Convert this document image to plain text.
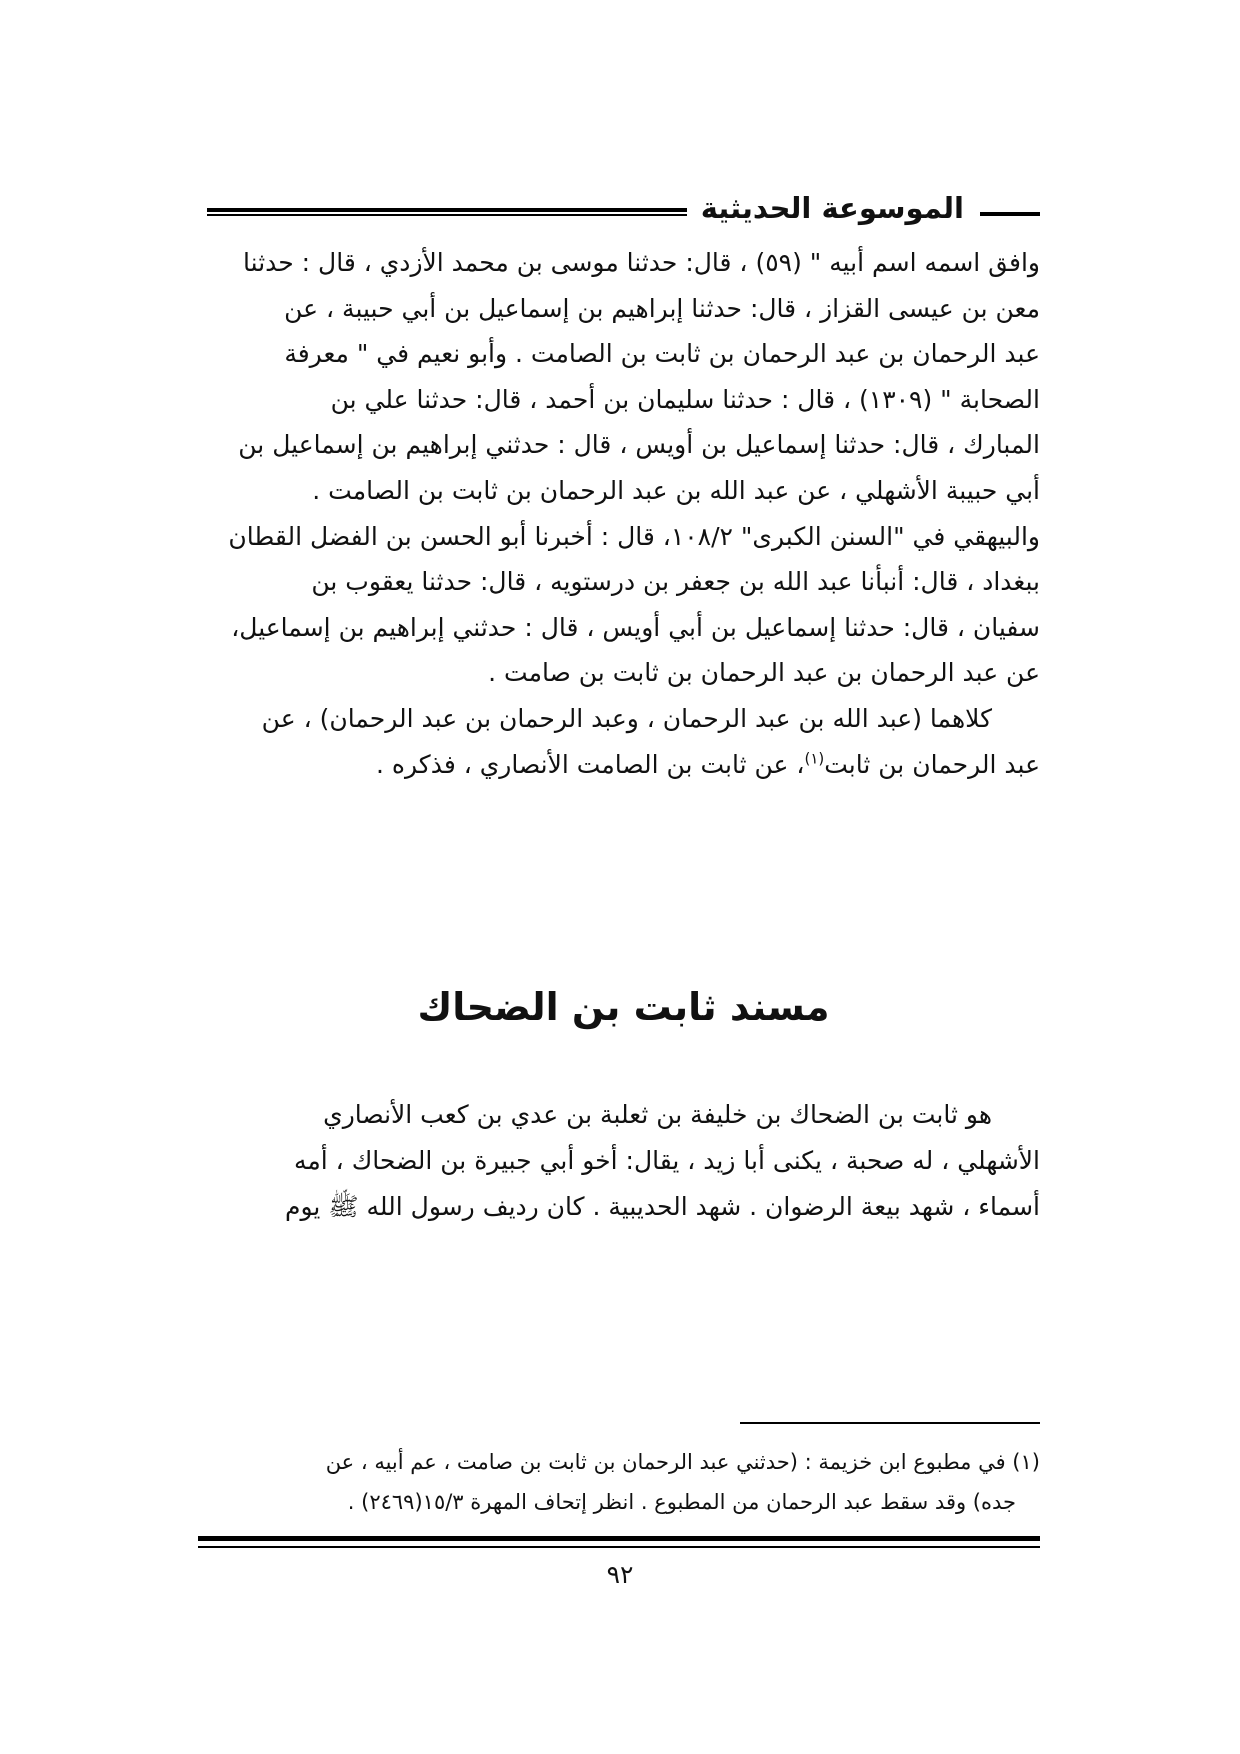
الموسوعة الحديثية

وافق اسمه اسم أبيه " (٥٩) ، قال: حدثنا موسى بن محمد الأزدي ، قال : حدثنا

معن بن عيسى القزاز ، قال: حدثنا إبراهيم بن إسماعيل بن أبي حبيبة ، عن

عبد الرحمان بن عبد الرحمان بن ثابت بن الصامت . وأبو نعيم في " معرفة

الصحابة " (١٣٠٩) ، قال : حدثنا سليمان بن أحمد ، قال: حدثنا علي بن

المبارك ، قال: حدثنا إسماعيل بن أويس ، قال : حدثني إبراهيم بن إسماعيل بن

أبي حبيبة الأشهلي ، عن عبد الله بن عبد الرحمان بن ثابت بن الصامت .

والبيهقي في "السنن الكبرى" ١٠٨/٢، قال : أخبرنا أبو الحسن بن الفضل القطان

ببغداد ، قال: أنبأنا عبد الله بن جعفر بن درستويه ، قال: حدثنا يعقوب بن

سفيان ، قال: حدثنا إسماعيل بن أبي أويس ، قال : حدثني إبراهيم بن إسماعيل،

عن عبد الرحمان بن عبد الرحمان بن ثابت بن صامت .

كلاهما (عبد الله بن عبد الرحمان ، وعبد الرحمان بن عبد الرحمان) ، عن

عبد الرحمان بن ثابت$^{(١)}$، عن ثابت بن الصامت الأنصاري ، فذكره .

مسند ثابت بن الضحاك

هو ثابت بن الضحاك بن خليفة بن ثعلبة بن عدي بن كعب الأنصاري

الأشهلي ، له صحبة ، يكنى أبا زيد ، يقال: أخو أبي جبيرة بن الضحاك ، أمه

أسماء ، شهد بيعة الرضوان . شهد الحديبية . كان رديف رسول الله ﷺ يوم

(١) في مطبوع ابن خزيمة : (حدثني عبد الرحمان بن ثابت بن صامت ، عم أبيه ، عن

جده) وقد سقط عبد الرحمان من المطبوع . انظر إتحاف المهرة ١٥/٣(٢٤٦٩) .

٩٢
